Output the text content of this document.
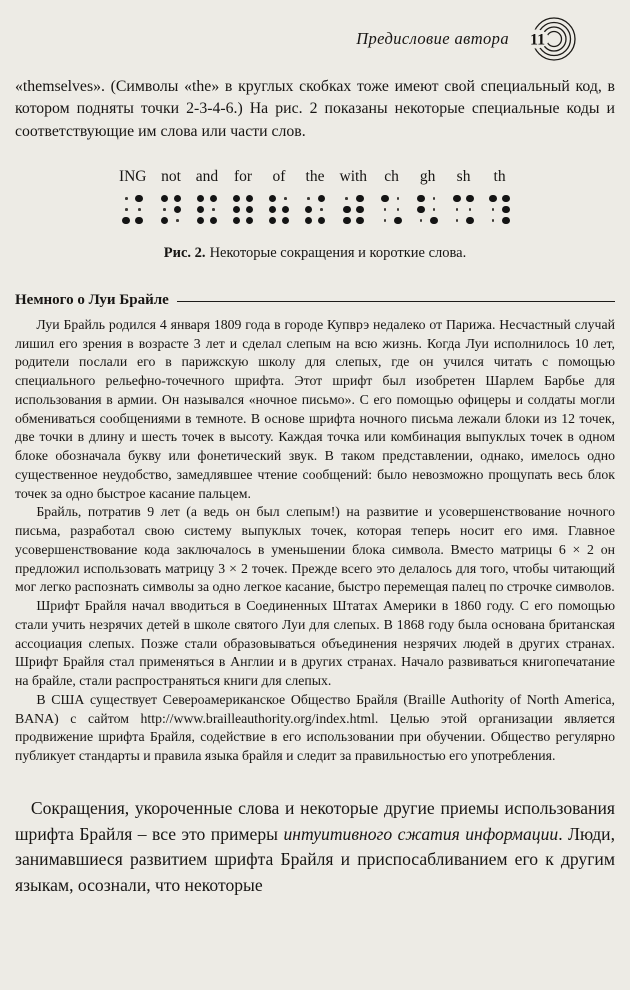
Предисловие автора 11

«themselves». (Символы «the» в круглых скобках тоже имеют свой специальный код, в котором подняты точки 2-3-4-6.) На рис. 2 показаны некоторые специальные коды и соответствующие им слова или части слов.

ING not and for of the with ch gh sh th
Рис. 2. Некоторые сокращения и короткие слова.
Немного о Луи Брайле

Луи Брайль родился 4 января 1809 года в городе Купврэ недалеко от Парижа. Несчастный случай лишил его зрения в возрасте 3 лет и сделал слепым на всю жизнь. Когда Луи исполнилось 10 лет, родители послали его в парижскую школу для слепых, где он учился читать с помощью специального рельефно-точечного шрифта. Этот шрифт был изобретен Шарлем Барбье для использования в армии. Он назывался «ночное письмо». С его помощью офицеры и солдаты могли обмениваться сообщениями в темноте. В основе шрифта ночного письма лежали блоки из 12 точек, две точки в длину и шесть точек в высоту. Каждая точка или комбинация выпуклых точек в одном блоке обозначала букву или фонетический звук. В таком представлении, однако, имелось одно существенное неудобство, замедлявшее чтение сообщений: было невозможно прощупать весь блок точек за одно быстрое касание пальцем.

Брайль, потратив 9 лет (а ведь он был слепым!) на развитие и усовершенствование ночного письма, разработал свою систему выпуклых точек, которая теперь носит его имя. Главное усовершенствование кода заключалось в уменьшении блока символа. Вместо матрицы 6 × 2 он предложил использовать матрицу 3 × 2 точек. Прежде всего это делалось для того, чтобы читающий мог легко распознать символы за одно легкое касание, быстро перемещая палец по строчке символов.

Шрифт Брайля начал вводиться в Соединенных Штатах Америки в 1860 году. С его помощью стали учить незрячих детей в школе святого Луи для слепых. В 1868 году была основана британская ассоциация слепых. Позже стали образовываться объединения незрячих людей в других странах. Шрифт Брайля стал применяться в Англии и в других странах. Начало развиваться книгопечатание на брайле, стали распространяться книги для слепых.

В США существует Североамериканское Общество Брайля (Braille Authority of North America, BANA) с сайтом http://www.brailleauthority.org/index.html. Целью этой организации является продвижение шрифта Брайля, содействие в его использовании при обучении. Общество регулярно публикует стандарты и правила языка брайля и следит за правильностью его употребления.

Сокращения, укороченные слова и некоторые другие приемы использования шрифта Брайля – все это примеры интуитивного сжатия информации. Люди, занимавшиеся развитием шрифта Брайля и приспосабливанием его к другим языкам, осознали, что некоторые
